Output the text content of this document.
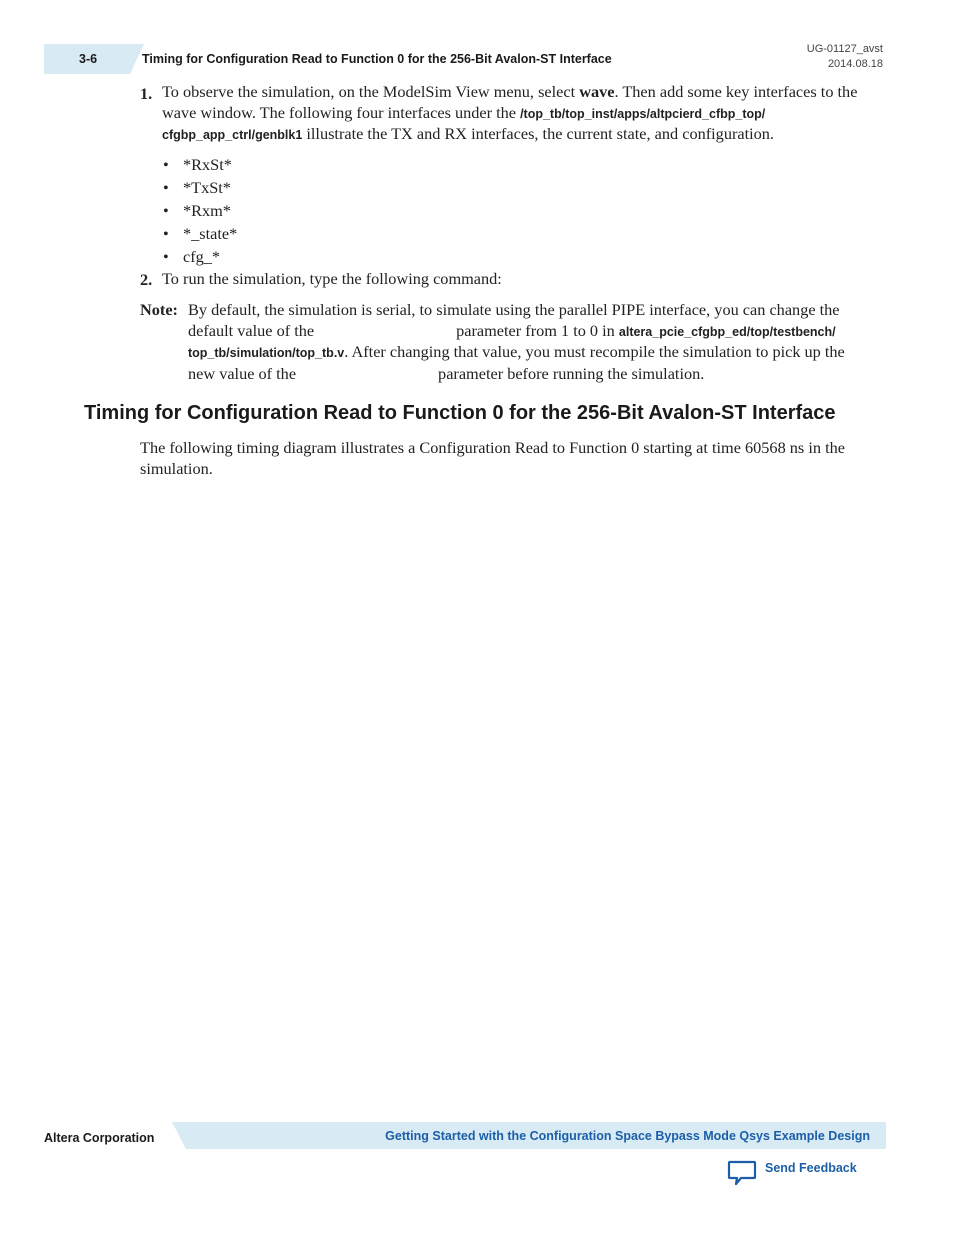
3-6	Timing for Configuration Read to Function 0 for the 256-Bit Avalon-ST Interface
UG-01127_avst
2014.08.18
1. To observe the simulation, on the ModelSim View menu, select wave. Then add some key interfaces to the wave window. The following four interfaces under the /top_tb/top_inst/apps/altpcierd_cfbp_top/ cfgbp_app_ctrl/genblk1 illustrate the TX and RX interfaces, the current state, and configuration.
• *RxSt*
• *TxSt*
• *Rxm*
• *_state*
• cfg_*
2. To run the simulation, type the following command:
Note: By default, the simulation is serial, to simulate using the parallel PIPE interface, you can change the default value of the	parameter from 1 to 0 in altera_pcie_cfgbp_ed/top/testbench/ top_tb/simulation/top_tb.v. After changing that value, you must recompile the simulation to pick up the new value of the	parameter before running the simulation.
Timing for Configuration Read to Function 0 for the 256-Bit Avalon-ST Interface
The following timing diagram illustrates a Configuration Read to Function 0 starting at time 60568 ns in the simulation.
Altera Corporation	Getting Started with the Configuration Space Bypass Mode Qsys Example Design
Send Feedback
